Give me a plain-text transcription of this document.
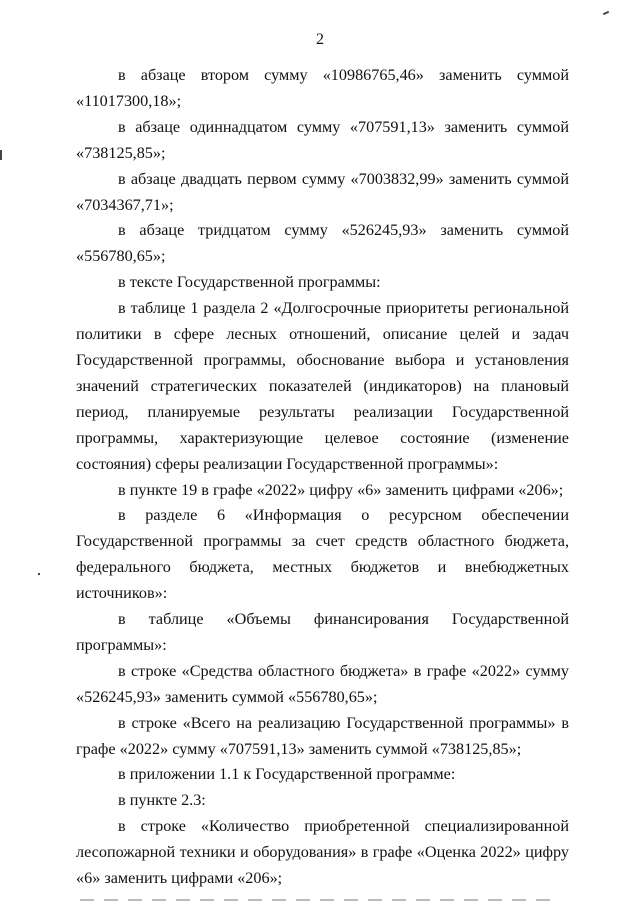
2

в абзаце втором сумму «10986765,46» заменить суммой «11017300,18»;

в абзаце одиннадцатом сумму «707591,13» заменить суммой «738125,85»;

в абзаце двадцать первом сумму «7003832,99» заменить суммой «7034367,71»;

в абзаце тридцатом сумму «526245,93» заменить суммой «556780,65»;

в тексте Государственной программы:

в таблице 1 раздела 2 «Долгосрочные приоритеты региональной политики в сфере лесных отношений, описание целей и задач Государственной программы, обоснование выбора и установления значений стратегических показателей (индикаторов) на плановый период, планируемые результаты реализации Государственной программы, характеризующие целевое состояние (изменение состояния) сферы реализации Государственной программы»:

в пункте 19 в графе «2022» цифру «6» заменить цифрами «206»;

в разделе 6 «Информация о ресурсном обеспечении Государственной программы за счет средств областного бюджета, федерального бюджета, местных бюджетов и внебюджетных источников»:

в таблице «Объемы финансирования Государственной программы»:

в строке «Средства областного бюджета» в графе «2022» сумму «526245,93» заменить суммой «556780,65»;

в строке «Всего на реализацию Государственной программы» в графе «2022» сумму «707591,13» заменить суммой «738125,85»;

в приложении 1.1 к Государственной программе:

в пункте 2.3:

в строке «Количество приобретенной специализированной лесопожарной техники и оборудования» в графе «Оценка 2022» цифру «6» заменить цифрами «206»;
